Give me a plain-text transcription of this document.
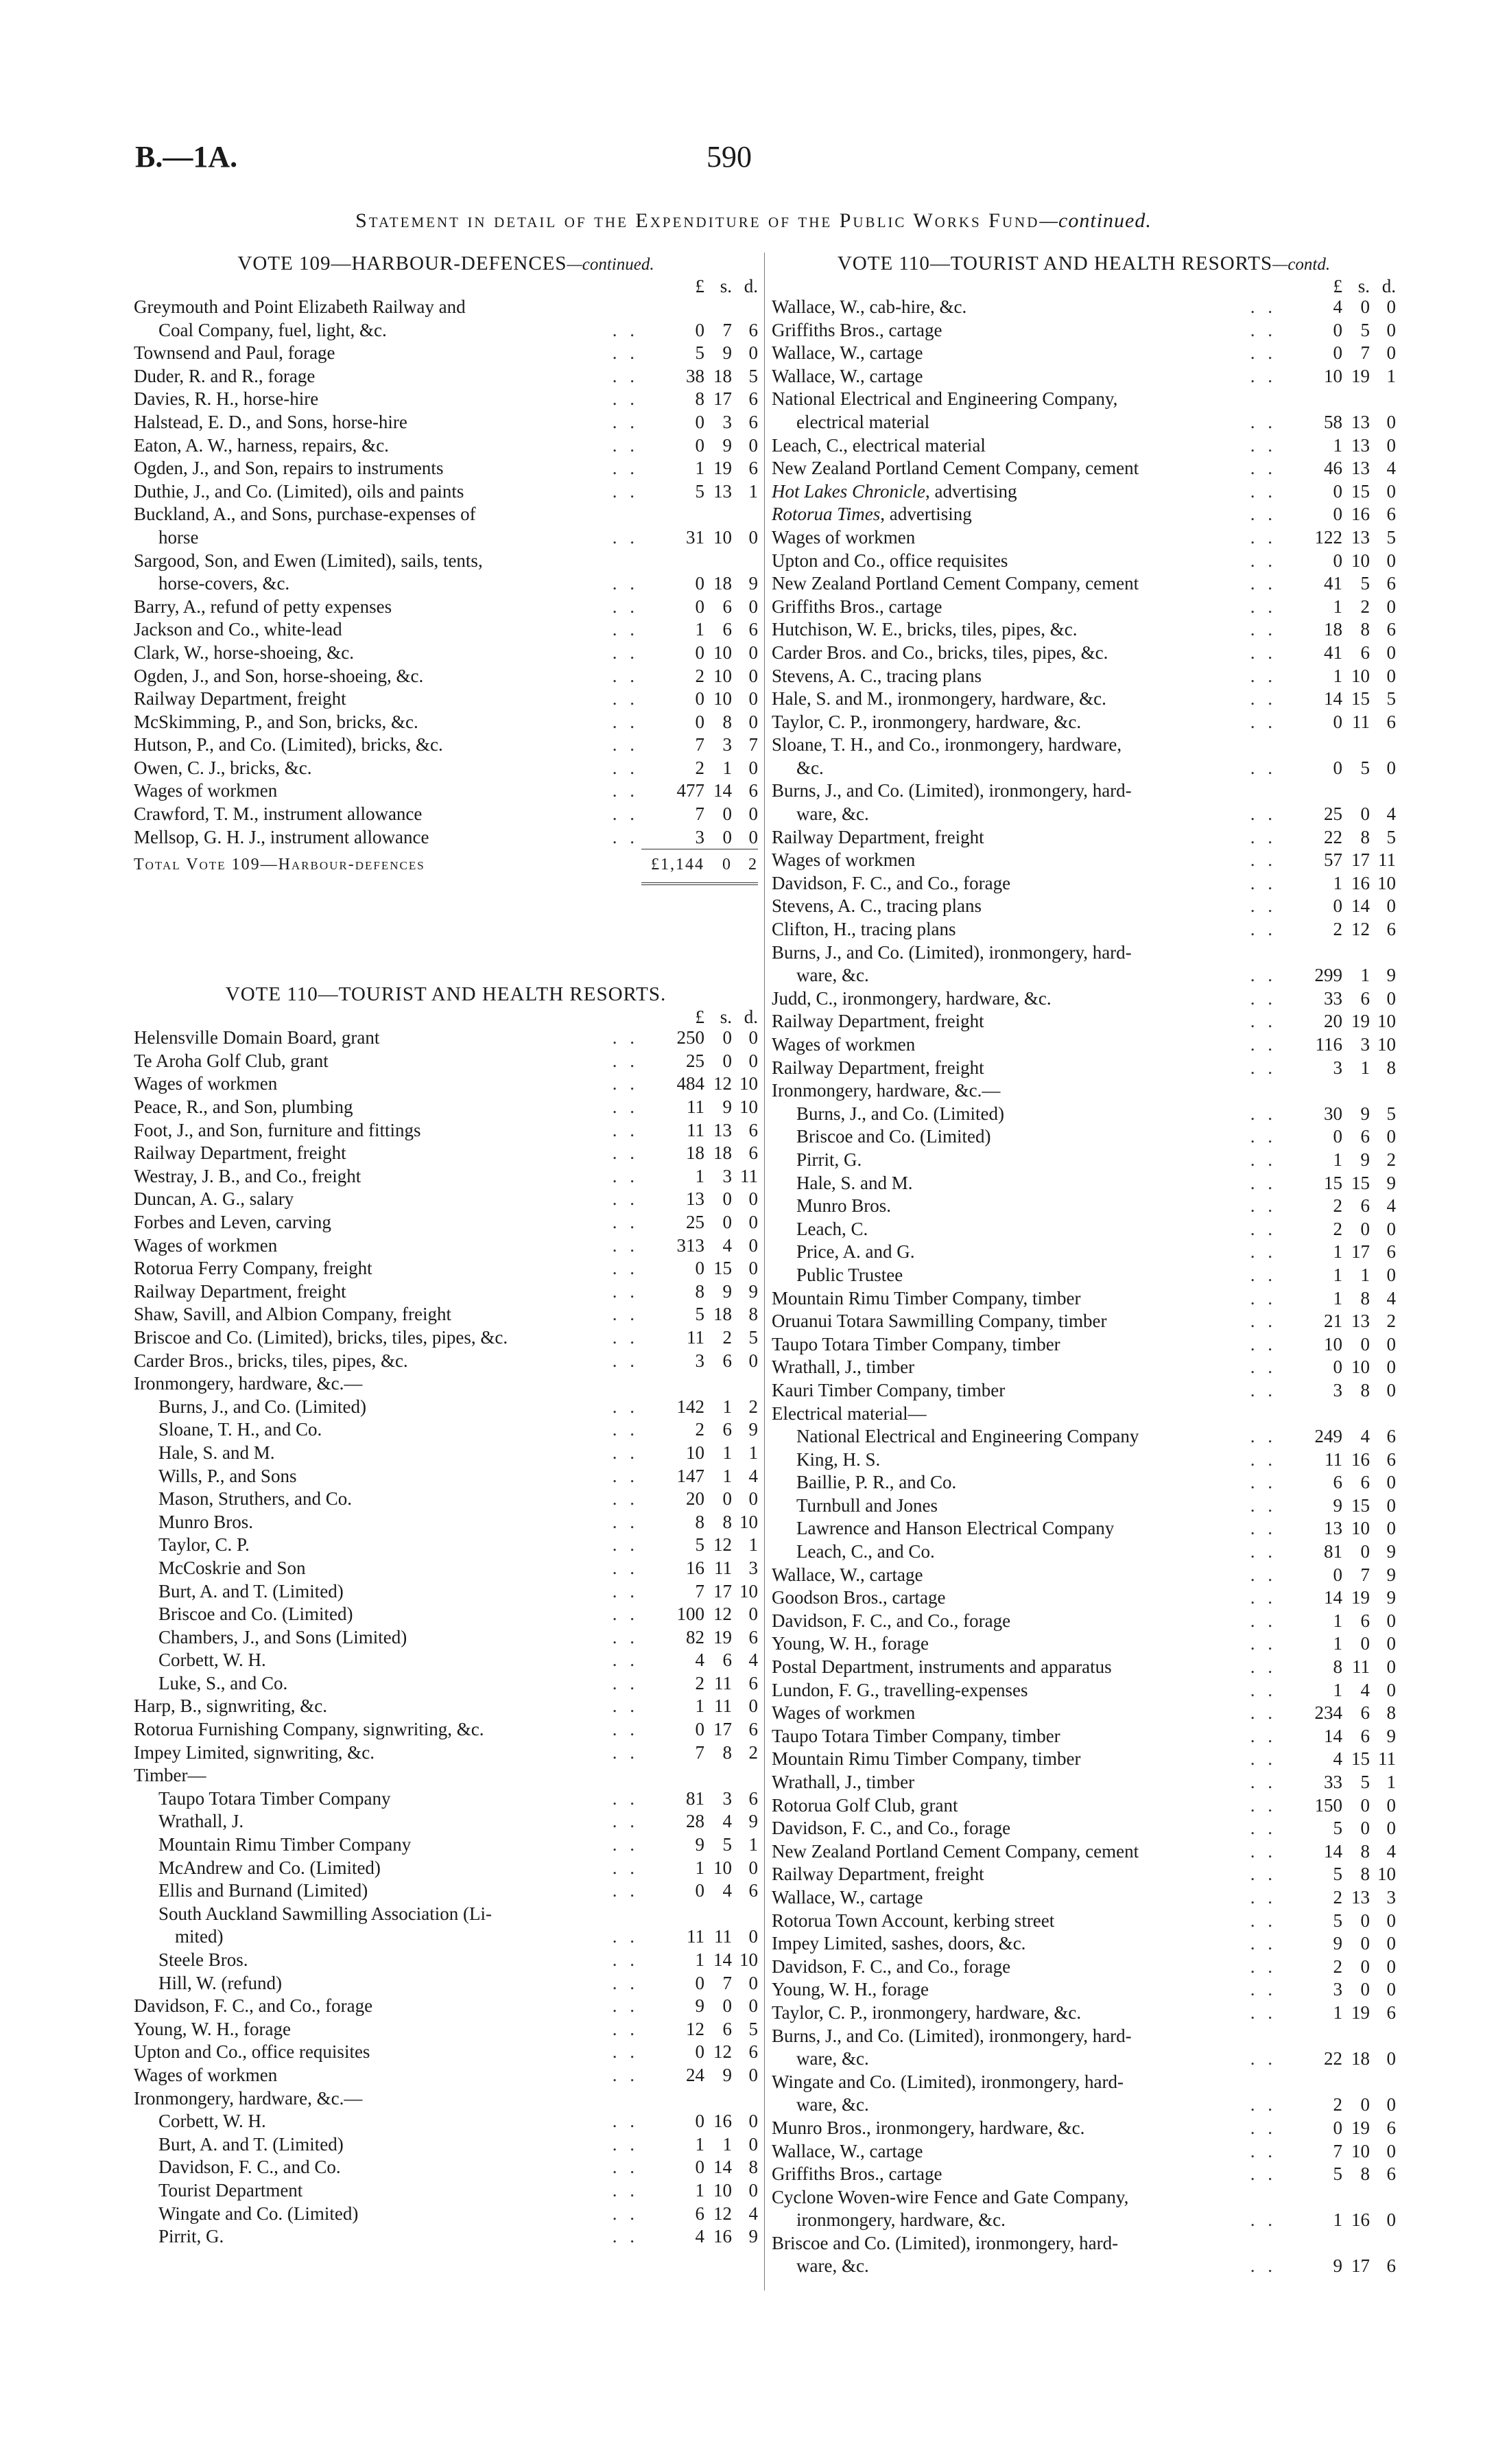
B.—1A.	590
Statement in detail of the Expenditure of the Public Works Fund—continued.
VOTE 109—HARBOUR-DEFENCES—continued.
£ s. d.
Greymouth and Point Elizabeth Railway and
Coal Company, fuel, light, &c.	. .	0 7 6
Townsend and Paul, forage	. .	5 9 0
Duder, R. and R., forage	. .	38 18 5
Davies, R. H., horse-hire	. .	8 17 6
Halstead, E. D., and Sons, horse-hire	. .	0 3 6
Eaton, A. W., harness, repairs, &c.	. .	0 9 0
Ogden, J., and Son, repairs to instruments	. .	1 19 6
Duthie, J., and Co. (Limited), oils and paints	. .	5 13 1
Buckland, A., and Sons, purchase-expenses of
horse	. .	31 10 0
Sargood, Son, and Ewen (Limited), sails, tents,
horse-covers, &c.	. .	0 18 9
Barry, A., refund of petty expenses	. .	0 6 0
Jackson and Co., white-lead	. .	1 6 6
Clark, W., horse-shoeing, &c.	. .	0 10 0
Ogden, J., and Son, horse-shoeing, &c.	. .	2 10 0
Railway Department, freight	. .	0 10 0
McSkimming, P., and Son, bricks, &c.	. .	0 8 0
Hutson, P., and Co. (Limited), bricks, &c.	. .	7 3 7
Owen, C. J., bricks, &c.	. .	2 1 0
Wages of workmen	. .	477 14 6
Crawford, T. M., instrument allowance	. .	7 0 0
Mellsop, G. H. J., instrument allowance	. .	3 0 0
Total Vote 109—Harbour-defences	£1,144	0	2
VOTE 110—TOURIST AND HEALTH RESORTS.
£ s. d.
Helensville Domain Board, grant	. .	250 0 0
Te Aroha Golf Club, grant	. .	25 0 0
Wages of workmen	. .	484 12 10
Peace, R., and Son, plumbing	. .	11 9 10
Foot, J., and Son, furniture and fittings	. .	11 13 6
Railway Department, freight	. .	18 18 6
Westray, J. B., and Co., freight	. .	1 3 11
Duncan, A. G., salary	. .	13 0 0
Forbes and Leven, carving	. .	25 0 0
Wages of workmen	. .	313 4 0
Rotorua Ferry Company, freight	. .	0 15 0
Railway Department, freight	. .	8 9 9
Shaw, Savill, and Albion Company, freight	. .	5 18 8
Briscoe and Co. (Limited), bricks, tiles, pipes, &c.	. .	11 2 5
Carder Bros., bricks, tiles, pipes, &c.	. .	3 6 0
Ironmongery, hardware, &c.—
Burns, J., and Co. (Limited)	. .	142 1 2
Sloane, T. H., and Co.	. .	2 6 9
Hale, S. and M.	. .	10 1 1
Wills, P., and Sons	. .	147 1 4
Mason, Struthers, and Co.	. .	20 0 0
Munro Bros.	. .	8 8 10
Taylor, C. P.	. .	5 12 1
McCoskrie and Son	. .	16 11 3
Burt, A. and T. (Limited)	. .	7 17 10
Briscoe and Co. (Limited)	. .	100 12 0
Chambers, J., and Sons (Limited)	. .	82 19 6
Corbett, W. H.	. .	4 6 4
Luke, S., and Co.	. .	2 11 6
Harp, B., signwriting, &c.	. .	1 11 0
Rotorua Furnishing Company, signwriting, &c.	. .	0 17 6
Impey Limited, signwriting, &c.	. .	7 8 2
Timber—
Taupo Totara Timber Company	. .	81 3 6
Wrathall, J.	. .	28 4 9
Mountain Rimu Timber Company	. .	9 5 1
McAndrew and Co. (Limited)	. .	1 10 0
Ellis and Burnand (Limited)	. .	0 4 6
South Auckland Sawmilling Association (Li-
mited)	. .	11 11 0
Steele Bros.	. .	1 14 10
Hill, W. (refund)	. .	0 7 0
Davidson, F. C., and Co., forage	. .	9 0 0
Young, W. H., forage	. .	12 6 5
Upton and Co., office requisites	. .	0 12 6
Wages of workmen	. .	24 9 0
Ironmongery, hardware, &c.—
Corbett, W. H.	. .	0 16 0
Burt, A. and T. (Limited)	. .	1 1 0
Davidson, F. C., and Co.	. .	0 14 8
Tourist Department	. .	1 10 0
Wingate and Co. (Limited)	. .	6 12 4
Pirrit, G.	. .	4 16 9
VOTE 110—TOURIST AND HEALTH RESORTS—contd.
£ s. d.
Wallace, W., cab-hire, &c.	. .	4 0 0
Griffiths Bros., cartage	. .	0 5 0
Wallace, W., cartage	. .	0 7 0
Wallace, W., cartage	. .	10 19 1
National Electrical and Engineering Company,
electrical material	. .	58 13 0
Leach, C., electrical material	. .	1 13 0
New Zealand Portland Cement Company, cement	. .	46 13 4
Hot Lakes Chronicle, advertising	. .	0 15 0
Rotorua Times, advertising	. .	0 16 6
Wages of workmen	. .	122 13 5
Upton and Co., office requisites	. .	0 10 0
New Zealand Portland Cement Company, cement	. .	41 5 6
Griffiths Bros., cartage	. .	1 2 0
Hutchison, W. E., bricks, tiles, pipes, &c.	. .	18 8 6
Carder Bros. and Co., bricks, tiles, pipes, &c.	. .	41 6 0
Stevens, A. C., tracing plans	. .	1 10 0
Hale, S. and M., ironmongery, hardware, &c.	. .	14 15 5
Taylor, C. P., ironmongery, hardware, &c.	. .	0 11 6
Sloane, T. H., and Co., ironmongery, hardware,
&c.	. .	0 5 0
Burns, J., and Co. (Limited), ironmongery, hard-
ware, &c.	. .	25 0 4
Railway Department, freight	. .	22 8 5
Wages of workmen	. .	57 17 11
Davidson, F. C., and Co., forage	. .	1 16 10
Stevens, A. C., tracing plans	. .	0 14 0
Clifton, H., tracing plans	. .	2 12 6
Burns, J., and Co. (Limited), ironmongery, hard-
ware, &c.	. .	299 1 9
Judd, C., ironmongery, hardware, &c.	. .	33 6 0
Railway Department, freight	. .	20 19 10
Wages of workmen	. .	116 3 10
Railway Department, freight	. .	3 1 8
Ironmongery, hardware, &c.—
Burns, J., and Co. (Limited)	. .	30 9 5
Briscoe and Co. (Limited)	. .	0 6 0
Pirrit, G.	. .	1 9 2
Hale, S. and M.	. .	15 15 9
Munro Bros.	. .	2 6 4
Leach, C.	. .	2 0 0
Price, A. and G.	. .	1 17 6
Public Trustee	. .	1 1 0
Mountain Rimu Timber Company, timber	. .	1 8 4
Oruanui Totara Sawmilling Company, timber	. .	21 13 2
Taupo Totara Timber Company, timber	. .	10 0 0
Wrathall, J., timber	. .	0 10 0
Kauri Timber Company, timber	. .	3 8 0
Electrical material—
National Electrical and Engineering Company	. .	249 4 6
King, H. S.	. .	11 16 6
Baillie, P. R., and Co.	. .	6 6 0
Turnbull and Jones	. .	9 15 0
Lawrence and Hanson Electrical Company	. .	13 10 0
Leach, C., and Co.	. .	81 0 9
Wallace, W., cartage	. .	0 7 9
Goodson Bros., cartage	. .	14 19 9
Davidson, F. C., and Co., forage	. .	1 6 0
Young, W. H., forage	. .	1 0 0
Postal Department, instruments and apparatus	. .	8 11 0
Lundon, F. G., travelling-expenses	. .	1 4 0
Wages of workmen	. .	234 6 8
Taupo Totara Timber Company, timber	. .	14 6 9
Mountain Rimu Timber Company, timber	. .	4 15 11
Wrathall, J., timber	. .	33 5 1
Rotorua Golf Club, grant	. .	150 0 0
Davidson, F. C., and Co., forage	. .	5 0 0
New Zealand Portland Cement Company, cement	. .	14 8 4
Railway Department, freight	. .	5 8 10
Wallace, W., cartage	. .	2 13 3
Rotorua Town Account, kerbing street	. .	5 0 0
Impey Limited, sashes, doors, &c.	. .	9 0 0
Davidson, F. C., and Co., forage	. .	2 0 0
Young, W. H., forage	. .	3 0 0
Taylor, C. P., ironmongery, hardware, &c.	. .	1 19 6
Burns, J., and Co. (Limited), ironmongery, hard-
ware, &c.	. .	22 18 0
Wingate and Co. (Limited), ironmongery, hard-
ware, &c.	. .	2 0 0
Munro Bros., ironmongery, hardware, &c.	. .	0 19 6
Wallace, W., cartage	. .	7 10 0
Griffiths Bros., cartage	. .	5 8 6
Cyclone Woven-wire Fence and Gate Company,
ironmongery, hardware, &c.	. .	1 16 0
Briscoe and Co. (Limited), ironmongery, hard-
ware, &c.	. .	9 17 6
